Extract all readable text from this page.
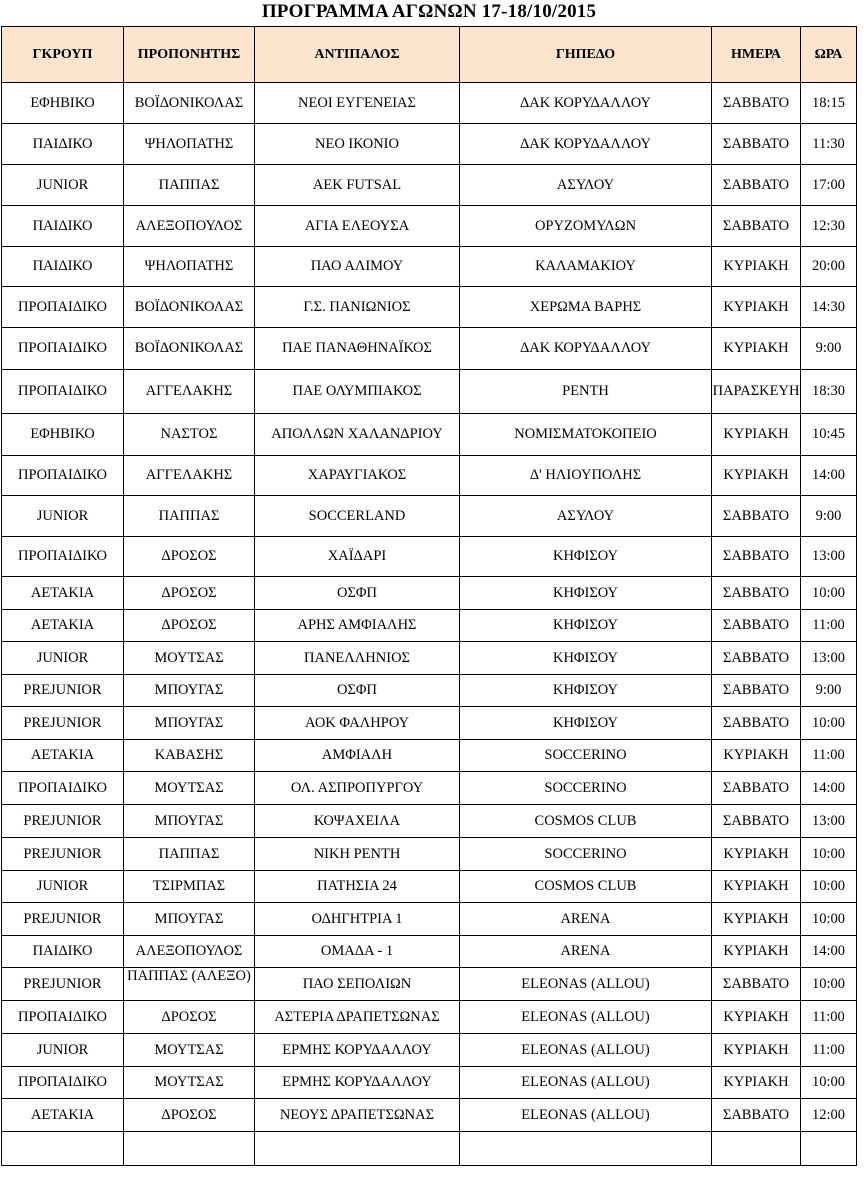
ΠΡΟΓΡΑΜΜΑ ΑΓΩΝΩΝ 17-18/10/2015
ΓΚΡΟΥΠ	ΠΡΟΠΟΝΗΤΗΣ	ΑΝΤΙΠΑΛΟΣ	ΓΗΠΕΔΟ	ΗΜΕΡΑ	ΩΡΑ
ΕΦΗΒΙΚΟ	ΒΟΪΔΟΝΙΚΟΛΑΣ	ΝΕΟΙ ΕΥΓΕΝΕΙΑΣ	ΔΑΚ ΚΟΡΥΔΑΛΛΟΥ	ΣΑΒΒΑΤΟ	18:15
ΠΑΙΔΙΚΟ	ΨΗΛΟΠΑΤΗΣ	ΝΕΟ ΙΚΟΝΙΟ	ΔΑΚ ΚΟΡΥΔΑΛΛΟΥ	ΣΑΒΒΑΤΟ	11:30
JUNIOR	ΠΑΠΠΑΣ	ΑΕΚ FUTSAL	ΑΣΥΛΟΥ	ΣΑΒΒΑΤΟ	17:00
ΠΑΙΔΙΚΟ	ΑΛΕΞΟΠΟΥΛΟΣ	ΑΓΙΑ ΕΛΕΟΥΣΑ	ΟΡΥΖΟΜΥΛΩΝ	ΣΑΒΒΑΤΟ	12:30
ΠΑΙΔΙΚΟ	ΨΗΛΟΠΑΤΗΣ	ΠΑΟ ΑΛΙΜΟΥ	ΚΑΛΑΜΑΚΙΟΥ	ΚΥΡΙΑΚΗ	20:00
ΠΡΟΠΑΙΔΙΚΟ	ΒΟΪΔΟΝΙΚΟΛΑΣ	Γ.Σ. ΠΑΝΙΩΝΙΟΣ	ΧΕΡΩΜΑ ΒΑΡΗΣ	ΚΥΡΙΑΚΗ	14:30
ΠΡΟΠΑΙΔΙΚΟ	ΒΟΪΔΟΝΙΚΟΛΑΣ	ΠΑΕ ΠΑΝΑΘΗΝΑΪΚΟΣ	ΔΑΚ ΚΟΡΥΔΑΛΛΟΥ	ΚΥΡΙΑΚΗ	9:00
ΠΡΟΠΑΙΔΙΚΟ	ΑΓΓΕΛΑΚΗΣ	ΠΑΕ ΟΛΥΜΠΙΑΚΟΣ	ΡΕΝΤΗ	ΠΑΡΑΣΚΕΥΗ	18:30
ΕΦΗΒΙΚΟ	ΝΑΣΤΟΣ	ΑΠΟΛΛΩΝ ΧΑΛΑΝΔΡΙΟΥ	ΝΟΜΙΣΜΑΤΟΚΟΠΕΙΟ	ΚΥΡΙΑΚΗ	10:45
ΠΡΟΠΑΙΔΙΚΟ	ΑΓΓΕΛΑΚΗΣ	ΧΑΡΑΥΓΙΑΚΟΣ	Δ' ΗΛΙΟΥΠΟΛΗΣ	ΚΥΡΙΑΚΗ	14:00
JUNIOR	ΠΑΠΠΑΣ	SOCCERLAND	ΑΣΥΛΟΥ	ΣΑΒΒΑΤΟ	9:00
ΠΡΟΠΑΙΔΙΚΟ	ΔΡΟΣΟΣ	ΧΑΪΔΑΡΙ	ΚΗΦΙΣΟΥ	ΣΑΒΒΑΤΟ	13:00
ΑΕΤΑΚΙΑ	ΔΡΟΣΟΣ	ΟΣΦΠ	ΚΗΦΙΣΟΥ	ΣΑΒΒΑΤΟ	10:00
ΑΕΤΑΚΙΑ	ΔΡΟΣΟΣ	ΑΡΗΣ ΑΜΦΙΑΛΗΣ	ΚΗΦΙΣΟΥ	ΣΑΒΒΑΤΟ	11:00
JUNIOR	ΜΟΥΤΣΑΣ	ΠΑΝΕΛΛΗΝΙΟΣ	ΚΗΦΙΣΟΥ	ΣΑΒΒΑΤΟ	13:00
PREJUNIOR	ΜΠΟΥΓΑΣ	ΟΣΦΠ	ΚΗΦΙΣΟΥ	ΣΑΒΒΑΤΟ	9:00
PREJUNIOR	ΜΠΟΥΓΑΣ	ΑΟΚ ΦΑΛΗΡΟΥ	ΚΗΦΙΣΟΥ	ΣΑΒΒΑΤΟ	10:00
ΑΕΤΑΚΙΑ	ΚΑΒΑΣΗΣ	ΑΜΦΙΑΛΗ	SOCCERINO	ΚΥΡΙΑΚΗ	11:00
ΠΡΟΠΑΙΔΙΚΟ	ΜΟΥΤΣΑΣ	ΟΛ. ΑΣΠΡΟΠΥΡΓΟΥ	SOCCERINO	ΣΑΒΒΑΤΟ	14:00
PREJUNIOR	ΜΠΟΥΓΑΣ	ΚΟΨΑΧΕΙΛΑ	COSMOS CLUB	ΣΑΒΒΑΤΟ	13:00
PREJUNIOR	ΠΑΠΠΑΣ	ΝΙΚΗ ΡΕΝΤΗ	SOCCERINO	ΚΥΡΙΑΚΗ	10:00
JUNIOR	ΤΣΙΡΜΠΑΣ	ΠΑΤΗΣΙΑ 24	COSMOS CLUB	ΚΥΡΙΑΚΗ	10:00
PREJUNIOR	ΜΠΟΥΓΑΣ	ΟΔΗΓΗΤΡΙΑ 1	ARENA	ΚΥΡΙΑΚΗ	10:00
ΠΑΙΔΙΚΟ	ΑΛΕΞΟΠΟΥΛΟΣ	ΟΜΑΔΑ - 1	ARENA	ΚΥΡΙΑΚΗ	14:00
PREJUNIOR	ΠΑΠΠΑΣ (ΑΛΕΞΟ)	ΠΑΟ ΣΕΠΟΛΙΩΝ	ELEONAS (ALLOU)	ΣΑΒΒΑΤΟ	10:00
ΠΡΟΠΑΙΔΙΚΟ	ΔΡΟΣΟΣ	ΑΣΤΕΡΙΑ ΔΡΑΠΕΤΣΩΝΑΣ	ELEONAS (ALLOU)	ΚΥΡΙΑΚΗ	11:00
JUNIOR	ΜΟΥΤΣΑΣ	ΕΡΜΗΣ ΚΟΡΥΔΑΛΛΟΥ	ELEONAS (ALLOU)	ΚΥΡΙΑΚΗ	11:00
ΠΡΟΠΑΙΔΙΚΟ	ΜΟΥΤΣΑΣ	ΕΡΜΗΣ ΚΟΡΥΔΑΛΛΟΥ	ELEONAS (ALLOU)	ΚΥΡΙΑΚΗ	10:00
ΑΕΤΑΚΙΑ	ΔΡΟΣΟΣ	ΝΕΟΥΣ ΔΡΑΠΕΤΣΩΝΑΣ	ELEONAS (ALLOU)	ΣΑΒΒΑΤΟ	12:00
